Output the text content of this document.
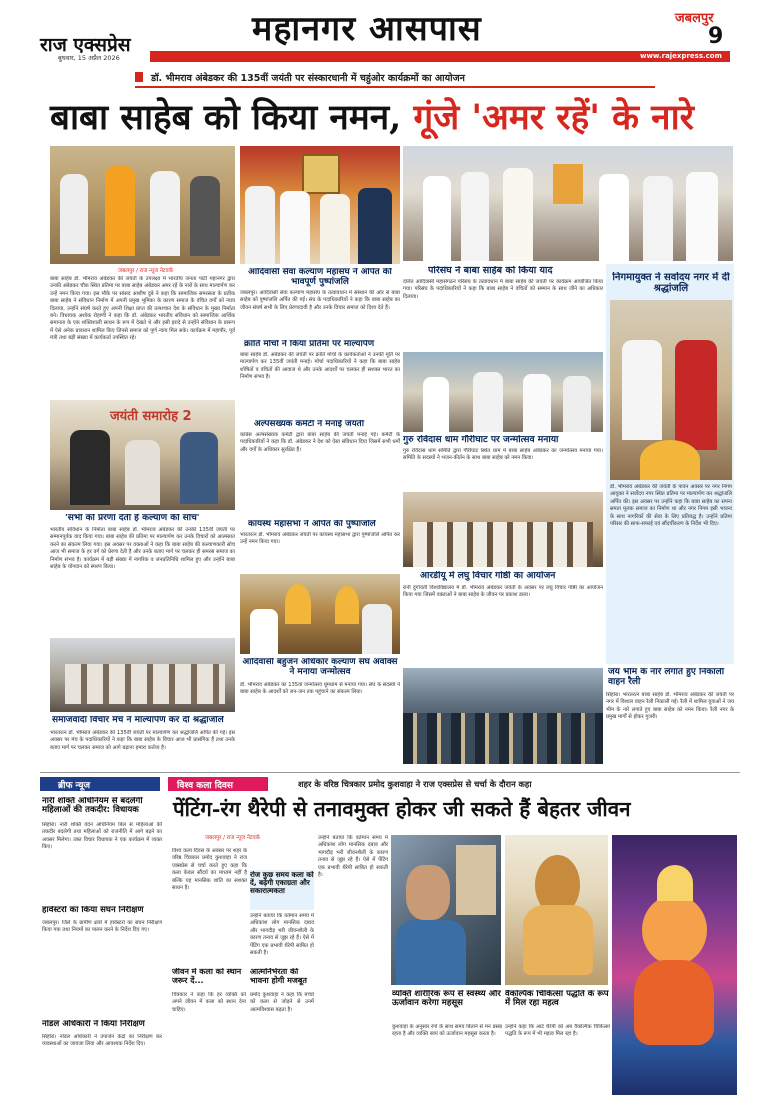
राज एक्सप्रेस
बुधवार, 15 अप्रैल 2026
महानगर आसपास	जबलपुर
9
www.rajexpress.com
डॉ. भीमराव अंबेडकर की 135वीं जयंती पर संस्कारधानी में चहुंओर कार्यक्रमों का आयोजन
बाबा साहेब को किया नमन, गूंजे 'अमर रहें' के नारे
जबलपुर / राज न्यूज नेटवर्क
बाबा साहेब डॉ. भीमराव अंबेडकर की जयंती के उपलक्ष्य में भारतीय जनता पार्टी महानगर द्वारा उनकी अंबेडकर चौक स्थित प्रतिमा पर बाबा साहेब अंबेडकर अमर रहें के नारों के साथ माल्यार्पण कर उन्हें नमन किया गया। इस मौके पर सांसद आशीष दुबे ने कहा कि सामाजिक समरसता के प्रतीक बाबा साहेब ने संविधान निर्माण में अपनी प्रमुख भूमिका के कारण समाज के वंचित वर्गों को न्याय दिलाया, उन्होंने संघर्ष करते हुए अपनी शिक्षा प्राप्त की तत्पश्चात देश के संविधान के मुख्य निर्माता बने। विधायक अशोक रोहाणी ने कहा कि डॉ. अंबेडकर भारतीय संविधान को सामाजिक आर्थिक समानता के एक शक्तिशाली साधन के रूप में देखते थे और इसी इरादे से उन्होंने संविधान के प्रारूप में ऐसे अनेक प्रावधान शामिल किए जिनसे समाज को पूर्ण न्याय मिल सके। कार्यक्रम में महापौर, पूर्व मंत्री तथा बड़ी संख्या में कार्यकर्ता उपस्थित रहे।
जयंती समारोह 2
'सभी को प्रेरणा देती है कल्याण की सोच'
भारतीय संविधान के निर्माता बाबा साहेब डॉ. भीमराव अंबेडकर की उनकी 135वीं जयंती पर सम्मानपूर्वक याद किया गया। बाबा साहेब की प्रतिमा पर माल्यार्पण कर उनके विचारों को आत्मसात करने का संकल्प लिया गया। इस अवसर पर वक्ताओं ने कहा कि बाबा साहेब की कल्याणकारी सोच आज भी समाज के हर वर्ग को प्रेरणा देती है और उनके बताए मार्ग पर चलकर ही समरस समाज का निर्माण संभव है। कार्यक्रम में बड़ी संख्या में नागरिक व जनप्रतिनिधि शामिल हुए और उन्होंने बाबा साहेब के योगदान को स्मरण किया।
समाजवादी विचार मंच ने माल्यार्पण कर दी श्रद्धांजलि
भारतरत्न डॉ. भीमराव अंबेडकर की 135वीं जयंती पर माल्यार्पण कर श्रद्धांजलि अर्पित की गई। इस अवसर पर मंच के पदाधिकारियों ने कहा कि बाबा साहेब के विचार आज भी प्रासंगिक हैं तथा उनके बताए मार्ग पर चलकर समाज को आगे बढ़ाना हमारा कर्तव्य है।
आदिवासी सेवा कल्याण महासंघ ने अर्पित की भावपूर्ण पुष्पांजलि
जबलपुर। आदिवासी सेवा कल्याण महासंघ के तत्वावधान में संस्थान की ओर से बाबा साहेब को पुष्पांजलि अर्पित की गई। संघ के पदाधिकारियों ने कहा कि बाबा साहेब का जीवन संघर्ष सभी के लिए प्रेरणादायी है और उनके विचार समाज को दिशा देते हैं।
क्रांति मोर्चा ने किया प्रतिमा पर माल्यार्पण
बाबा साहेब डॉ. अंबेडकर की जयंती पर क्रांति मोर्चा के कार्यकर्ताओं ने उनकी मूर्ति पर माल्यार्पण कर 135वीं जयंती मनाई। मोर्चा पदाधिकारियों ने कहा कि बाबा साहेब शोषितों व वंचितों की आवाज थे और उनके आदर्शों पर चलकर ही सशक्त भारत का निर्माण संभव है।
अल्पसंख्यक कमेटी ने मनाई जयंती
कांग्रेस अल्पसंख्यक कमेटी द्वारा बाबा साहेब की जयंती मनाई गई। कमेटी के पदाधिकारियों ने कहा कि डॉ. अंबेडकर ने देश को ऐसा संविधान दिया जिसमें सभी धर्मों और वर्गों के अधिकार सुरक्षित हैं।
कायस्थ महासभा ने अर्पित की पुष्पांजलि
भारतरत्न डॉ. भीमराव अंबेडकर जयंती पर कायस्थ महासभा द्वारा पुष्पांजलि अर्पित कर उन्हें नमन किया गया।
आदिवासी बहुजन अधिकार कल्याण संघ अर्वाक्स ने मनाया जन्मोत्सव
परिसंघ ने बाबा साहेब को किया याद
दलित आदिवासी महासंगठन परिसंघ के तत्वावधान में बाबा साहेब की जयंती पर कार्यक्रम आयोजित किया गया। परिसंघ के पदाधिकारियों ने कहा कि बाबा साहेब ने वंचितों को सम्मान के साथ जीने का अधिकार दिलाया।
गुरु रविदास धाम गौरीघाट पर जन्मोत्सव मनाया
गुरु रविदास धाम समिति द्वारा गौरीघाट स्थित धाम में बाबा साहेब अंबेडकर का जन्मोत्सव मनाया गया। समिति के सदस्यों ने भजन-कीर्तन के साथ बाबा साहेब को नमन किया।
आरडीयू में लघु विचार गोष्ठी का आयोजन
रानी दुर्गावती विश्वविद्यालय में डॉ. भीमराव अंबेडकर जयंती के अवसर पर लघु विचार गोष्ठी का आयोजन किया गया जिसमें वक्ताओं ने बाबा साहेब के जीवन पर प्रकाश डाला।
निगमायुक्त ने सर्वोदय नगर में दी श्रद्धांजलि
डॉ. भीमराव अंबेडकर की जयंती के पावन अवसर पर नगर निगम आयुक्त ने सर्वोदय नगर स्थित प्रतिमा पर माल्यार्पण कर श्रद्धांजलि अर्पित की। इस अवसर पर उन्होंने कहा कि बाबा साहेब का सपना समता मूलक समाज का निर्माण था और नगर निगम इसी भावना के साथ नागरिकों की सेवा के लिए प्रतिबद्ध है। उन्होंने प्रतिमा परिसर की साफ-सफाई एवं सौंदर्यीकरण के निर्देश भी दिए।
जय भीम के नारे लगाते हुए निकाली वाहन रैली
सिहोरा। भारतरत्न बाबा साहेब डॉ. भीमराव अंबेडकर की जयंती पर नगर में विशाल वाहन रैली निकाली गई। रैली में शामिल युवाओं ने जय भीम के नारे लगाते हुए बाबा साहेब को नमन किया। रैली नगर के प्रमुख मार्गों से होकर गुजरी।
डॉ. भीमराव अंबेडकर का 135वां जन्मोत्सव धूमधाम से मनाया गया। संघ के सदस्यों ने बाबा साहेब के आदर्शों को जन-जन तक पहुंचाने का संकल्प लिया।
ब्रीफ न्यूज
नारी शक्ति अधिनियम से बदलेगी महिलाओं की तकदीर: विधायक
सिहोरा। नारी शक्ति वंदन अधिनियम बिल से महिलाओं की तकदीर बदलेगी तथा महिलाओं को राजनीति में आगे बढ़ने का अवसर मिलेगा। उक्त विचार विधायक ने एक कार्यक्रम में व्यक्त किए।
हार्वेस्टरों का किया सघन निरीक्षण
जबलपुर। जिले के ग्रामीण क्षेत्रों में हार्वेस्टरों का सघन निरीक्षण किया गया तथा नियमों का पालन करने के निर्देश दिए गए।
नोडल अधिकारी ने किया निरीक्षण
सिहोरा। नोडल अधिकारी ने उपार्जन केंद्रों का निरीक्षण कर व्यवस्थाओं का जायजा लिया और आवश्यक निर्देश दिए।
विश्व कला दिवस	शहर के वरिष्ठ चित्रकार प्रमोद कुशवाहा ने राज एक्सप्रेस से चर्चा के दौरान कहा
पेंटिंग-रंग थैरेपी से तनावमुक्त होकर जी सकते हैं बेहतर जीवन
जबलपुर / राज न्यूज नेटवर्क
विश्व कला दिवस के अवसर पर शहर के वरिष्ठ चित्रकार प्रमोद कुशवाहा ने राज एक्सप्रेस से चर्चा करते हुए कहा कि कला केवल सौंदर्य का माध्यम नहीं है बल्कि यह मानसिक शांति का सशक्त साधन है।
रोज कुछ समय कला को दें, बढ़ेगी एकाग्रता और सकारात्मकता
उन्होंने बताया कि वर्तमान समय में अधिकांश लोग मानसिक दबाव और भागदौड़ भरी जीवनशैली के कारण तनाव से जूझ रहे हैं। ऐसे में पेंटिंग एक प्रभावी थैरेपी साबित हो सकती है।
उन्होंने बताया कि वर्तमान समय में अधिकांश लोग मानसिक दबाव और भागदौड़ भरी जीवनशैली के कारण तनाव से जूझ रहे हैं। ऐसे में पेंटिंग एक प्रभावी थैरेपी साबित हो सकती है।
जीवन में कला को स्थान जरूर दें...
चित्रकार ने कहा कि हर व्यक्ति को अपने जीवन में कला को स्थान देना चाहिए।
आत्मनिर्भरता की भावना होगी मजबूत
प्रमोद कुशवाहा ने कहा कि बच्चों को कला से जोड़ने से उनमें आत्मविश्वास बढ़ता है।
व्यक्ति शारीरिक रूप से स्वस्थ्य और ऊर्जावान करेगा महसूस
कुशवाहा के अनुसार रंगों के साथ समय बिताने से मन प्रसन्न रहता है और व्यक्ति स्वयं को ऊर्जावान महसूस करता है।
वैकल्पिक चिकित्सा पद्धति के रूप में मिल रहा महत्व
उन्होंने कहा कि आर्ट थैरेपी को अब वैकल्पिक चिकित्सा पद्धति के रूप में भी महत्व मिल रहा है।
